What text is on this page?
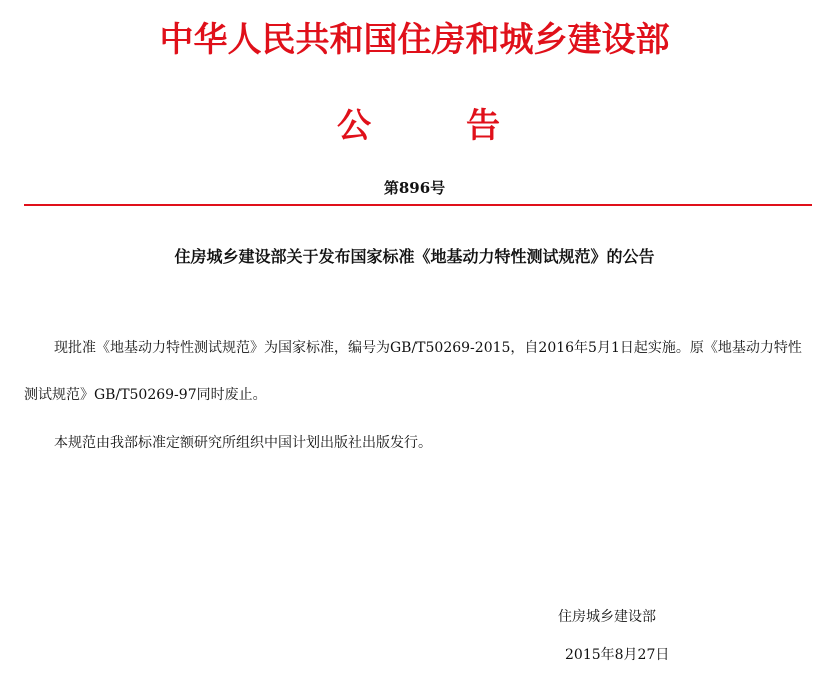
中华人民共和国住房和城乡建设部
公	告
第896号
住房城乡建设部关于发布国家标准《地基动力特性测试规范》的公告

现批准《地基动力特性测试规范》为国家标准，编号为GB/T50269-2015，自2016年5月1日起实施。原《地基动力特性测试规范》GB/T50269-97同时废止。

本规范由我部标准定额研究所组织中国计划出版社出版发行。

住房城乡建设部
2015年8月27日
